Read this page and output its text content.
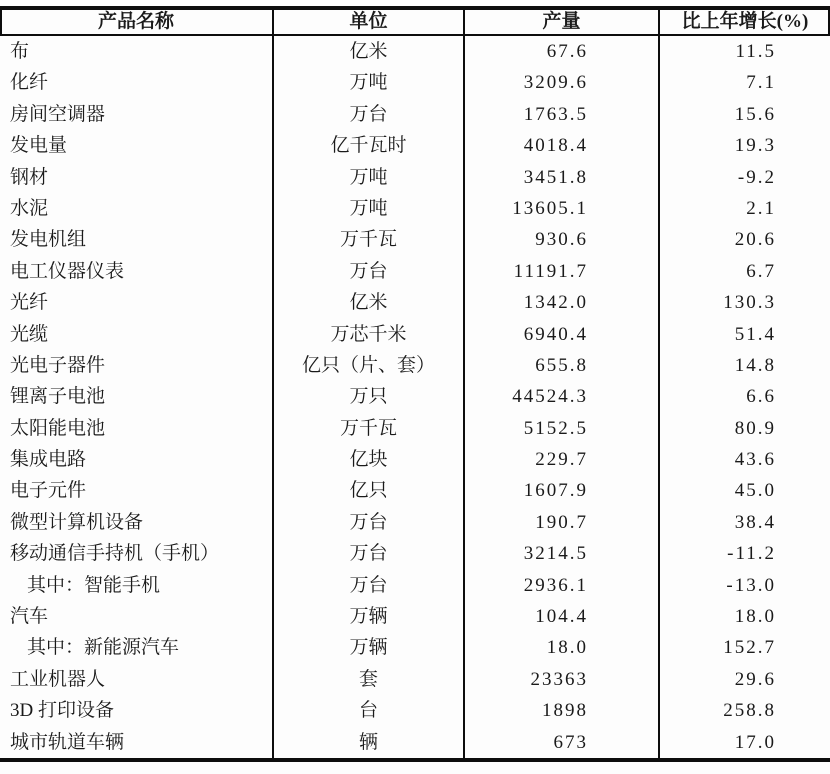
产品名称	单位	产量	比上年增长(%)
布	亿米	67.6	11.5
化纤	万吨	3209.6	7.1
房间空调器	万台	1763.5	15.6
发电量	亿千瓦时	4018.4	19.3
钢材	万吨	3451.8	-9.2
水泥	万吨	13605.1	2.1
发电机组	万千瓦	930.6	20.6
电工仪器仪表	万台	11191.7	6.7
光纤	亿米	1342.0	130.3
光缆	万芯千米	6940.4	51.4
光电子器件	亿只（片、套）	655.8	14.8
锂离子电池	万只	44524.3	6.6
太阳能电池	万千瓦	5152.5	80.9
集成电路	亿块	229.7	43.6
电子元件	亿只	1607.9	45.0
微型计算机设备	万台	190.7	38.4
移动通信手持机（手机）	万台	3214.5	-11.2
其中：智能手机	万台	2936.1	-13.0
汽车	万辆	104.4	18.0
其中：新能源汽车	万辆	18.0	152.7
工业机器人	套	23363	29.6
3D 打印设备	台	1898	258.8
城市轨道车辆	辆	673	17.0
